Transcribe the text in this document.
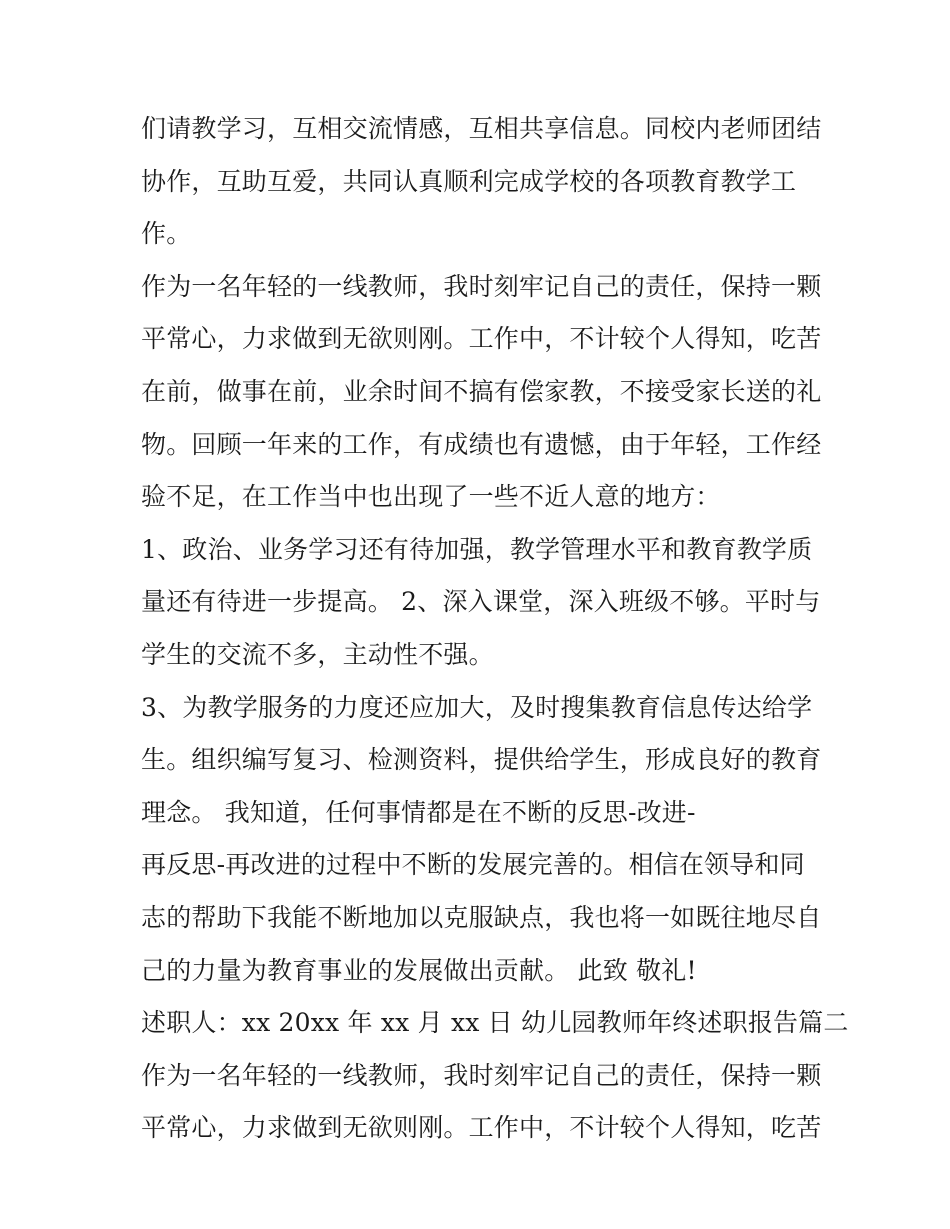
们请教学习，互相交流情感，互相共享信息。同校内老师团结
协作，互助互爱，共同认真顺利完成学校的各项教育教学工
作。
作为一名年轻的一线教师，我时刻牢记自己的责任，保持一颗
平常心，力求做到无欲则刚。工作中，不计较个人得知，吃苦
在前，做事在前，业余时间不搞有偿家教，不接受家长送的礼
物。回顾一年来的工作，有成绩也有遗憾，由于年轻，工作经
验不足，在工作当中也出现了一些不近人意的地方：
1、政治、业务学习还有待加强，教学管理水平和教育教学质
量还有待进一步提高。 2、深入课堂，深入班级不够。平时与
学生的交流不多，主动性不强。
3、为教学服务的力度还应加大，及时搜集教育信息传达给学
生。组织编写复习、检测资料，提供给学生，形成良好的教育
理念。 我知道，任何事情都是在不断的反思-改进-
再反思-再改进的过程中不断的发展完善的。相信在领导和同
志的帮助下我能不断地加以克服缺点，我也将一如既往地尽自
己的力量为教育事业的发展做出贡献。 此致 敬礼!
述职人：xx 20xx 年 xx 月 xx 日 幼儿园教师年终述职报告篇二
作为一名年轻的一线教师，我时刻牢记自己的责任，保持一颗
平常心，力求做到无欲则刚。工作中，不计较个人得知，吃苦
